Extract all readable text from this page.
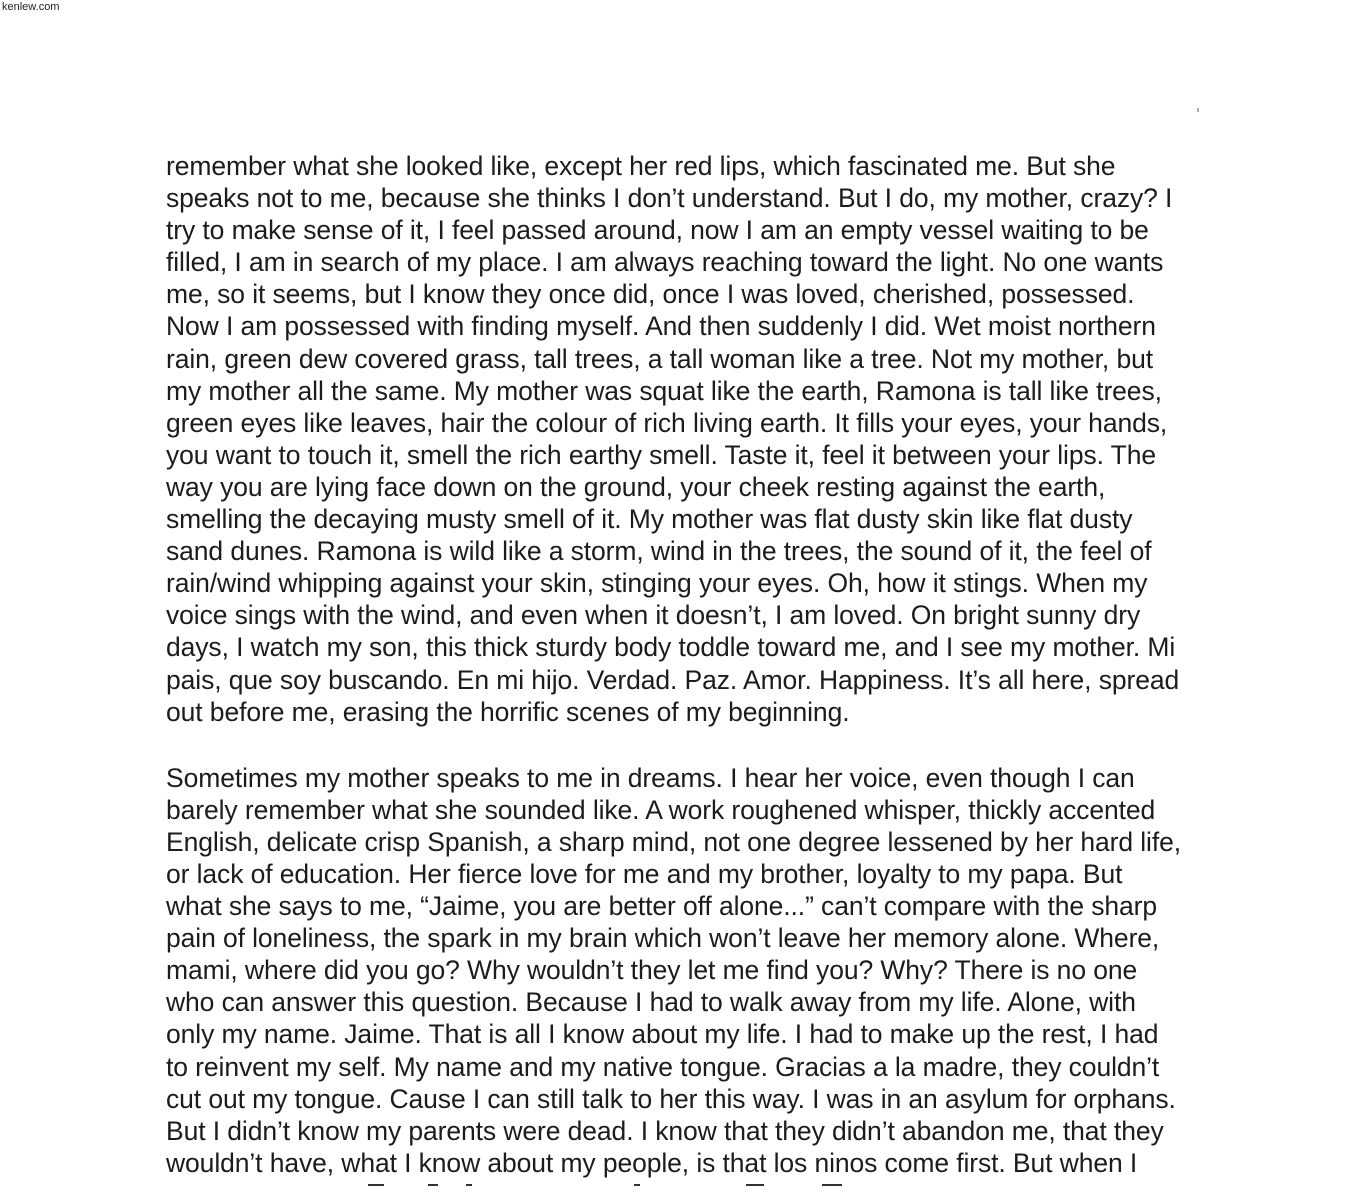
kenlew.com
remember what she looked like, except her red lips, which fascinated me. But she
speaks not to me, because she thinks I don’t understand. But I do, my mother, crazy? I
try to make sense of it, I feel passed around, now I am an empty vessel waiting to be
filled, I am in search of my place. I am always reaching toward the light. No one wants
me, so it seems, but I know they once did, once I was loved, cherished, possessed.
Now I am possessed with finding myself. And then suddenly I did. Wet moist northern
rain, green dew covered grass, tall trees, a tall woman like a tree. Not my mother, but
my mother all the same. My mother was squat like the earth, Ramona is tall like trees,
green eyes like leaves, hair the colour of rich living earth. It fills your eyes, your hands,
you want to touch it, smell the rich earthy smell. Taste it, feel it between your lips. The
way you are lying face down on the ground, your cheek resting against the earth,
smelling the decaying musty smell of it. My mother was flat dusty skin like flat dusty
sand dunes. Ramona is wild like a storm, wind in the trees, the sound of it, the feel of
rain/wind whipping against your skin, stinging your eyes. Oh, how it stings. When my
voice sings with the wind, and even when it doesn’t, I am loved. On bright sunny dry
days, I watch my son, this thick sturdy body toddle toward me, and I see my mother. Mi
pais, que soy buscando. En mi hijo. Verdad. Paz. Amor. Happiness. It’s all here, spread
out before me, erasing the horrific scenes of my beginning.
Sometimes my mother speaks to me in dreams. I hear her voice, even though I can
barely remember what she sounded like. A work roughened whisper, thickly accented
English, delicate crisp Spanish, a sharp mind, not one degree lessened by her hard life,
or lack of education. Her fierce love for me and my brother, loyalty to my papa. But
what she says to me, “Jaime, you are better off alone...” can’t compare with the sharp
pain of loneliness, the spark in my brain which won’t leave her memory alone. Where,
mami, where did you go? Why wouldn’t they let me find you? Why? There is no one
who can answer this question. Because I had to walk away from my life. Alone, with
only my name. Jaime. That is all I know about my life. I had to make up the rest, I had
to reinvent my self. My name and my native tongue. Gracias a la madre, they couldn’t
cut out my tongue. Cause I can still talk to her this way. I was in an asylum for orphans.
But I didn’t know my parents were dead. I know that they didn’t abandon me, that they
wouldn’t have, what I know about my people, is that los ninos come first. But when I
